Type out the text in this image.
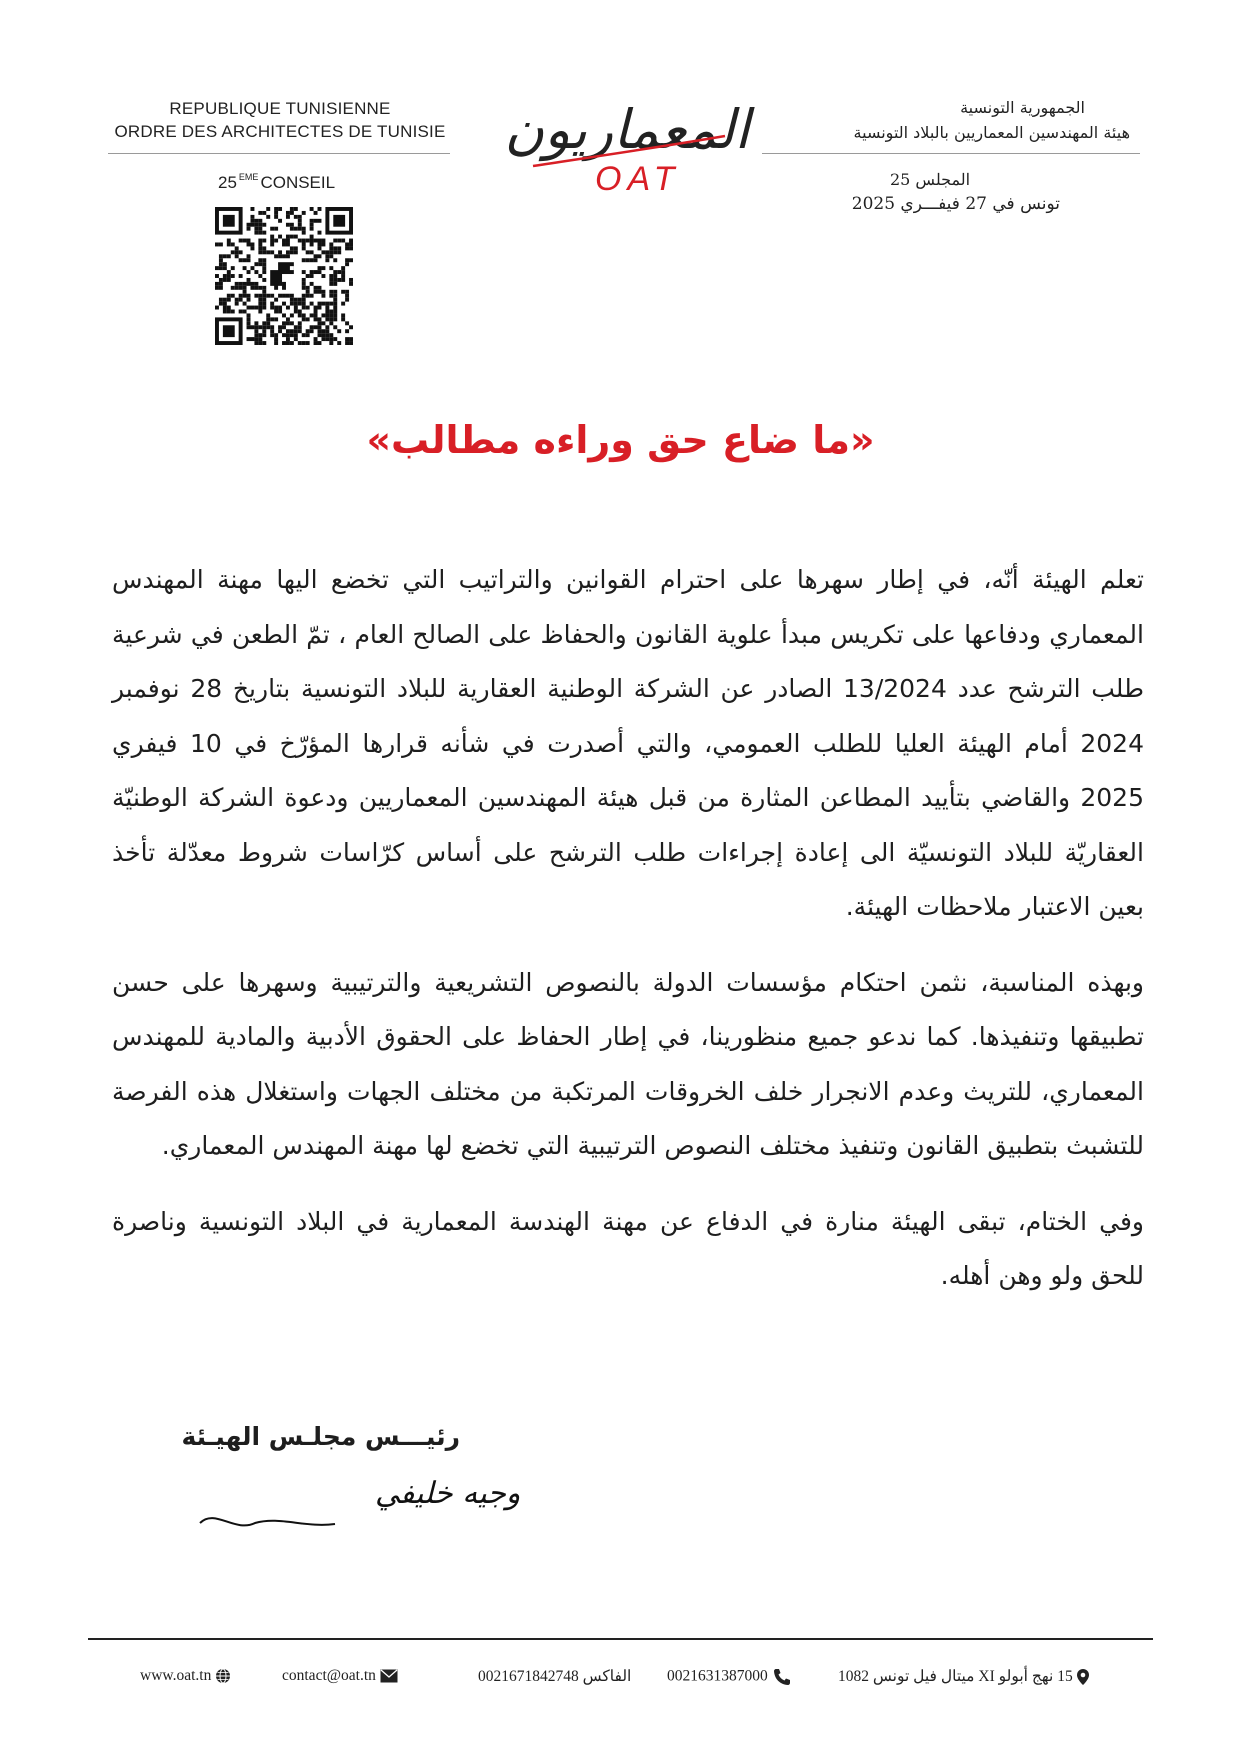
REPUBLIQUE TUNISIENNE
ORDRE DES ARCHITECTES DE TUNISIE
25 $^{EME}$ CONSEIL
المعماريون
OAT
الجمهورية التونسية
هيئة المهندسين المعماريين بالبلاد التونسية
المجلس 25
تونس في 27 فيفـــري 2025
«ما ضاع حق وراءه مطالب»

تعلم الهيئة أنّه، في إطار سهرها على احترام القوانين والتراتيب التي تخضع اليها مهنة المهندس المعماري ودفاعها على تكريس مبدأ علوية القانون والحفاظ على الصالح العام ، تمّ الطعن في شرعية طلب الترشح عدد 13/2024 الصادر عن الشركة الوطنية العقارية للبلاد التونسية بتاريخ 28 نوفمبر 2024 أمام الهيئة العليا للطلب العمومي، والتي أصدرت في شأنه قرارها المؤرّخ في 10 فيفري 2025 والقاضي بتأييد المطاعن المثارة من قبل هيئة المهندسين المعماريين ودعوة الشركة الوطنيّة العقاريّة للبلاد التونسيّة الى إعادة إجراءات طلب الترشح على أساس كرّاسات شروط معدّلة تأخذ بعين الاعتبار ملاحظات الهيئة.

وبهذه المناسبة، نثمن احتكام مؤسسات الدولة بالنصوص التشريعية والترتيبية وسهرها على حسن تطبيقها وتنفيذها. كما ندعو جميع منظورينا، في إطار الحفاظ على الحقوق الأدبية والمادية للمهندس المعماري، للتريث وعدم الانجرار خلف الخروقات المرتكبة من مختلف الجهات واستغلال هذه الفرصة للتشبث بتطبيق القانون وتنفيذ مختلف النصوص الترتيبية التي تخضع لها مهنة المهندس المعماري.

وفي الختام، تبقى الهيئة منارة في الدفاع عن مهنة الهندسة المعمارية في البلاد التونسية وناصرة للحق ولو وهن أهله.

رئيـــس مجلـس الهيـئة
وجيه خليفي
www.oat.tn	contact@oat.tn	0021671842748 الفاكس 0021631387000	15 نهج أبولو XI ميتال فيل تونس 1082
